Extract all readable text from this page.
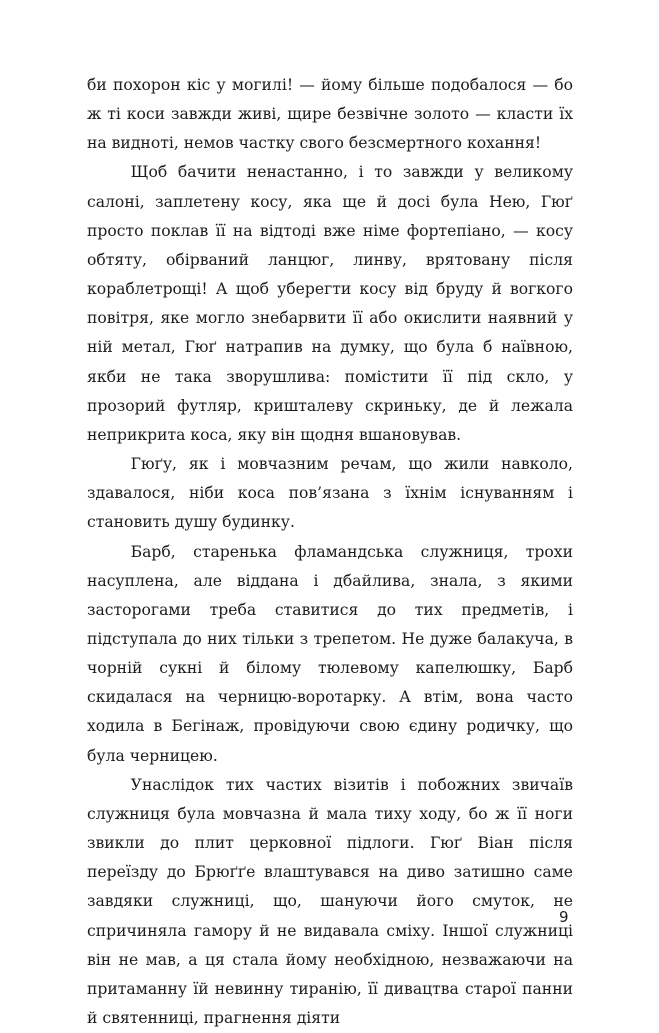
би похорон кіс у могилі! — йому більше подобалося — бо ж ті коси завжди живі, щире безвічне золото — класти їх на видноті, немов частку свого безсмертного кохання!

Щоб бачити ненастанно, і то завжди у великому салоні, заплетену косу, яка ще й досі була Нею, Гюґ просто поклав її на відтоді вже німе фортепіано, — косу обтяту, обірваний ланцюг, линву, врятовану після кораблетрощі! А щоб уберегти косу від бруду й вогкого повітря, яке могло знебарвити її або окислити наявний у ній метал, Гюґ натрапив на думку, що була б наївною, якби не така зворушлива: помістити її під скло, у прозорий футляр, кришталеву скриньку, де й лежала неприкрита коса, яку він щодня вшановував.

Гюґу, як і мовчазним речам, що жили навколо, здавалося, ніби коса пов’язана з їхнім існуванням і становить душу будинку.

Барб, старенька фламандська служниця, трохи насуплена, але віддана і дбайлива, знала, з якими засторогами треба ставитися до тих предметів, і підступала до них тільки з трепетом. Не дуже балакуча, в чорній сукні й білому тюлевому капелюшку, Барб скидалася на черницю-воротарку. А втім, вона часто ходила в Бегінаж, провідуючи свою єдину родичку, що була черницею.

Унаслідок тих частих візитів і побожних звичаїв служниця була мовчазна й мала тиху ходу, бо ж її ноги звикли до плит церковної підлоги. Гюґ Віан після переїзду до Брюґґе влаштувався на диво затишно саме завдяки служниці, що, шануючи його смуток, не спричиняла гамору й не видавала сміху. Іншої служниці він не мав, а ця стала йому необхідною, незважаючи на притаманну їй невинну тиранію, її дивацтва старої панни й святенниці, прагнення діяти

9
